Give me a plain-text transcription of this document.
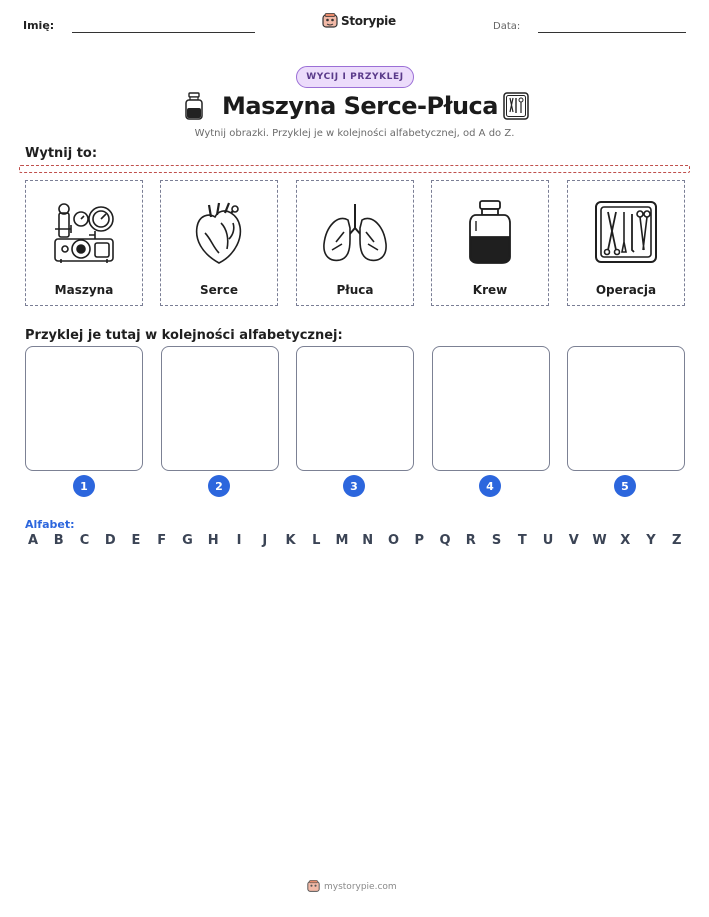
Imię:	Storypie	Data:
WYCIJ I PRZYKLEJ
Maszyna Serce-Płuca
Wytnij obrazki. Przyklej je w kolejności alfabetycznej, od A do Z.
Wytnij to:
Maszyna	Serce	Płuca	Krew	Operacja
Przyklej je tutaj w kolejności alfabetycznej:
1	2	3	4	5
Alfabet:
A B C D E F G H	I	J	K L M N O P Q R S T U V W X Y Z
mystorypie.com
